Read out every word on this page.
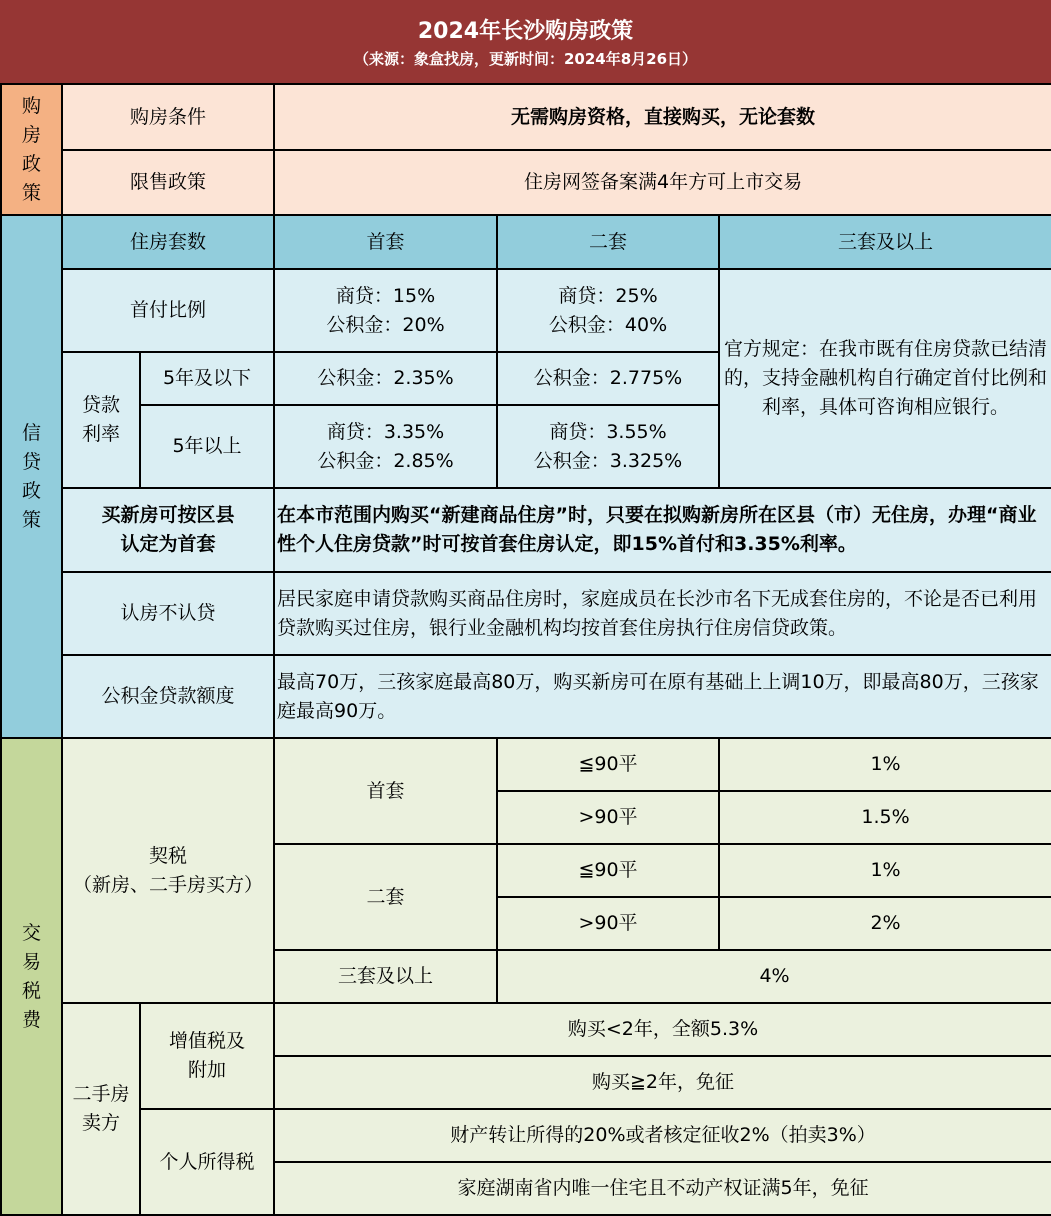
2024年长沙购房政策
（来源：象盒找房，更新时间：2024年8月26日）
购
房
政
策	购房条件		无需购房资格，直接购买，无论套数		
	限售政策		住房网签备案满4年方可上市交易		
信
贷
政
策	住房套数		首套	二套	三套及以上
	首付比例		商贷：15%
公积金：20%	商贷：25%
公积金：40%	官方规定：在我市既有住房贷款已结清的，支持金融机构自行确定首付比例和利率，具体可咨询相应银行。
	贷款
利率	5年及以下	公积金：2.35%	公积金：2.775%	
		5年以上	商贷：3.35%
公积金：2.85%	商贷：3.55%
公积金：3.325%	
	买新房可按区县
认定为首套		在本市范围内购买“新建商品住房”时，只要在拟购新房所在区县（市）无住房，办理“商业性个人住房贷款”时可按首套住房认定，即15%首付和3.35%利率。		
	认房不认贷		居民家庭申请贷款购买商品住房时，家庭成员在长沙市名下无成套住房的，不论是否已利用贷款购买过住房，银行业金融机构均按首套住房执行住房信贷政策。		
	公积金贷款额度		最高70万，三孩家庭最高80万，购买新房可在原有基础上上调10万，即最高80万，三孩家庭最高90万。		
交
易
税
费	契税
（新房、二手房买方）		首套	≦90平	1%
				>90平	1.5%
			二套	≦90平	1%
				>90平	2%
			三套及以上	4%	
	二手房
卖方	增值税及
附加	购买<2年，全额5.3%		
			购买≧2年，免征		
		个人所得税	财产转让所得的20%或者核定征收2%（拍卖3%）		
			家庭湖南省内唯一住宅且不动产权证满5年，免征		
